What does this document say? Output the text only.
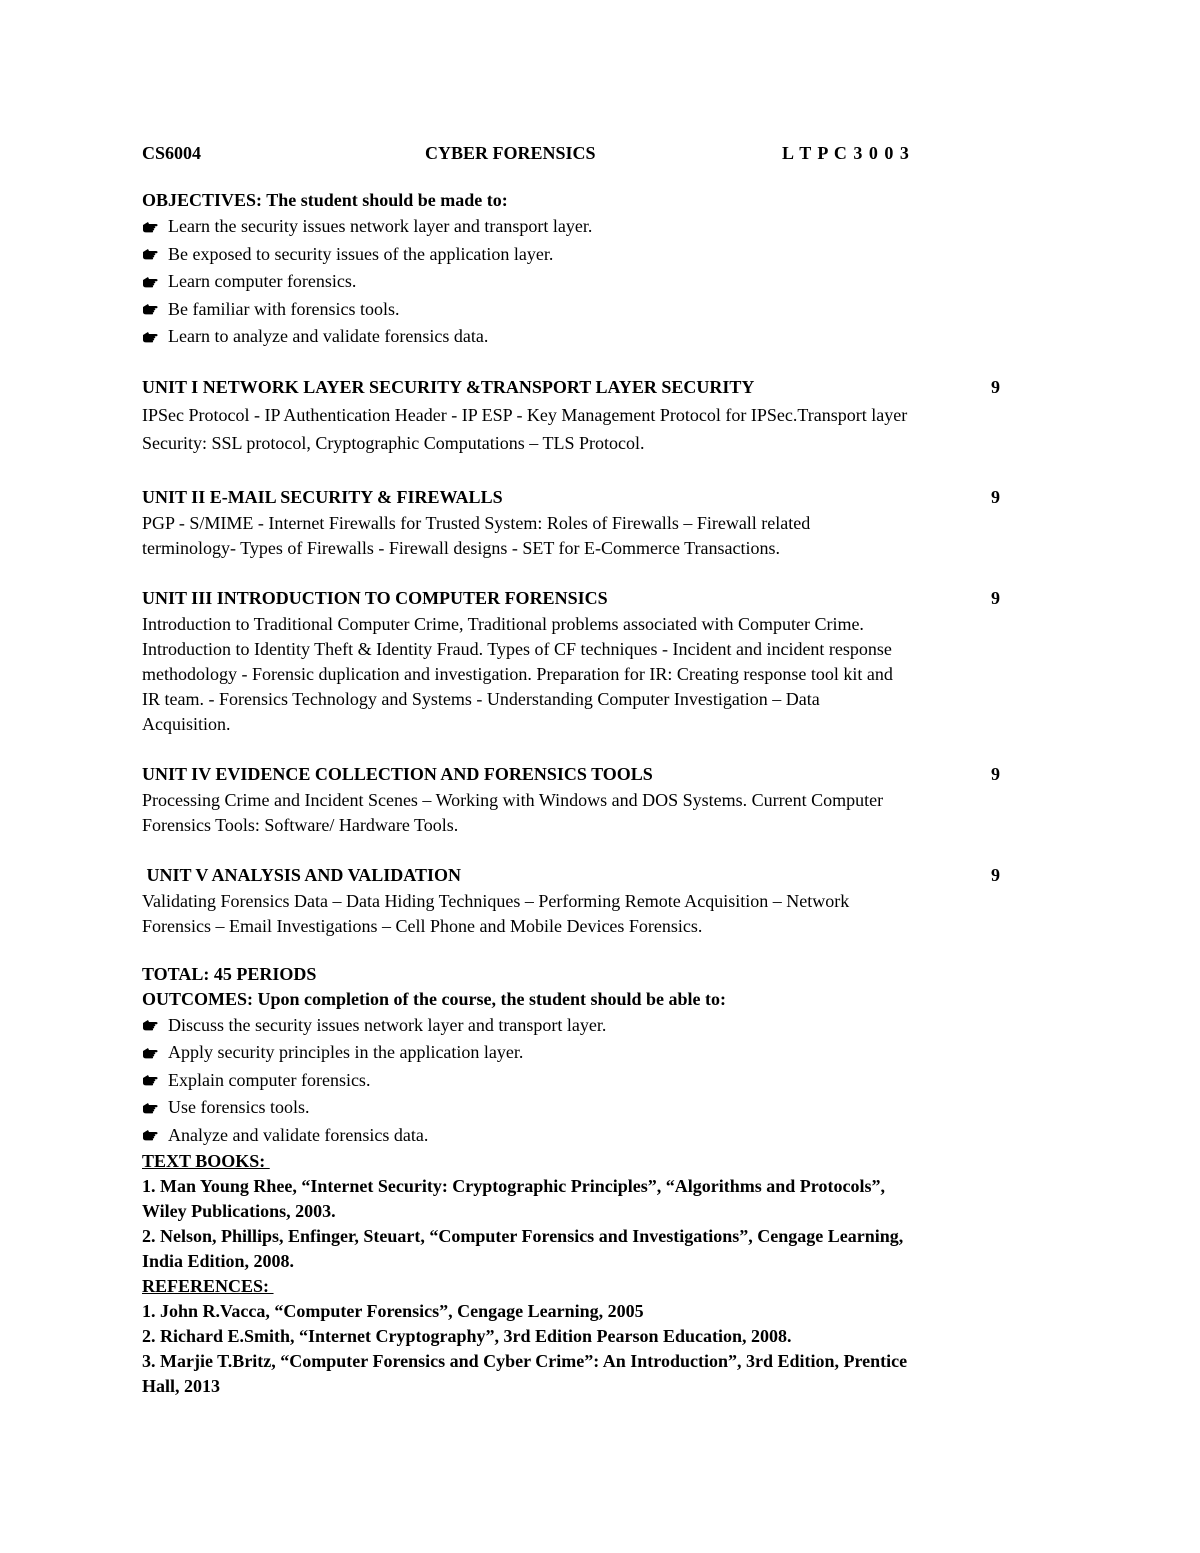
CS6004	CYBER FORENSICS	L T P C 3 0 0 3
OBJECTIVES: The student should be made to:
Learn the security issues network layer and transport layer.
Be exposed to security issues of the application layer.
Learn computer forensics.
Be familiar with forensics tools.
Learn to analyze and validate forensics data.
UNIT I NETWORK LAYER SECURITY &TRANSPORT LAYER SECURITY	9
IPSec Protocol - IP Authentication Header - IP ESP - Key Management Protocol for IPSec.Transport layer
Security: SSL protocol, Cryptographic Computations – TLS Protocol.
UNIT II E-MAIL SECURITY & FIREWALLS	9
PGP - S/MIME - Internet Firewalls for Trusted System: Roles of Firewalls – Firewall related
terminology- Types of Firewalls - Firewall designs - SET for E-Commerce Transactions.
UNIT III INTRODUCTION TO COMPUTER FORENSICS	9
Introduction to Traditional Computer Crime, Traditional problems associated with Computer Crime.
Introduction to Identity Theft & Identity Fraud. Types of CF techniques - Incident and incident response
methodology - Forensic duplication and investigation. Preparation for IR: Creating response tool kit and
IR team. - Forensics Technology and Systems - Understanding Computer Investigation – Data
Acquisition.
UNIT IV EVIDENCE COLLECTION AND FORENSICS TOOLS	9
Processing Crime and Incident Scenes – Working with Windows and DOS Systems. Current Computer
Forensics Tools: Software/ Hardware Tools.
UNIT V ANALYSIS AND VALIDATION	9
Validating Forensics Data – Data Hiding Techniques – Performing Remote Acquisition – Network
Forensics – Email Investigations – Cell Phone and Mobile Devices Forensics.
TOTAL: 45 PERIODS
OUTCOMES: Upon completion of the course, the student should be able to:
Discuss the security issues network layer and transport layer.
Apply security principles in the application layer.
Explain computer forensics.
Use forensics tools.
Analyze and validate forensics data.
TEXT BOOKS:
1. Man Young Rhee, “Internet Security: Cryptographic Principles”, “Algorithms and Protocols”,
Wiley Publications, 2003.
2. Nelson, Phillips, Enfinger, Steuart, “Computer Forensics and Investigations”, Cengage Learning,
India Edition, 2008.
REFERENCES:
1. John R.Vacca, “Computer Forensics”, Cengage Learning, 2005
2. Richard E.Smith, “Internet Cryptography”, 3rd Edition Pearson Education, 2008.
3. Marjie T.Britz, “Computer Forensics and Cyber Crime”: An Introduction”, 3rd Edition, Prentice
Hall, 2013
